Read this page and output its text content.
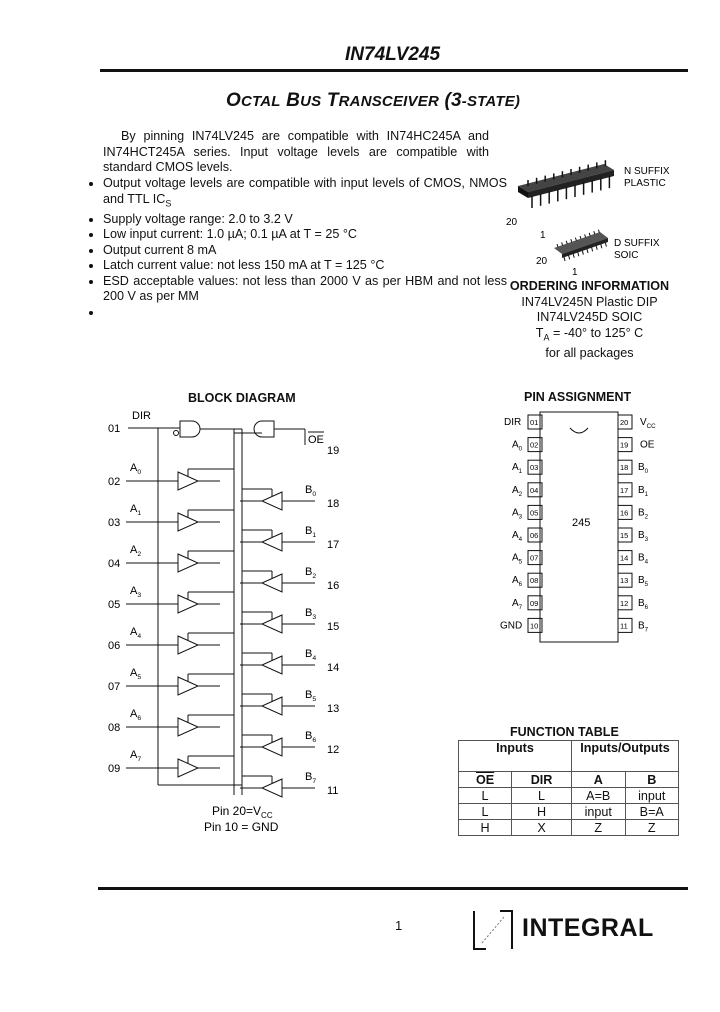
IN74LV245
OCTAL BUS TRANSCEIVER (3-STATE)
By pinning IN74LV245 are compatible with IN74HC245A and IN74HCT245A series. Input voltage levels are compatible with standard CMOS levels.
• Output voltage levels are compatible with input levels of CMOS, NMOS and TTL $IC_S$
• Supply voltage range: 2.0 to 3.2 V
• Low input current: 1.0 µA; 0.1 µA at T = 25 °C
• Output current 8 mA
• Latch current value: not less 150 mA at T = 125 °C
• ESD acceptable values: not less than 2000 V as per HBM and not less 200 V as per MM
•
N SUFFIX
PLASTIC
20
1
D SUFFIX
SOIC
20
1
ORDERING INFORMATION
IN74LV245N Plastic DIP
IN74LV245D SOIC
$T_A = -40^\circ$ to 125° C
for all packages
BLOCK DIAGRAM
DIR
01
OE
19
$A_0$
02
$B_0$
18
$A_1$
03
$B_1$
17
$A_2$
04
$B_2$
16
$A_3$
05
$B_3$
15
$A_4$
06
$B_4$
14
$A_5$
07
$B_5$
13
$A_6$
08
$B_6$
12
$A_7$
09
$B_7$
11
Pin $20=V_{CC}$
Pin 10 = GND
PIN ASSIGNMENT
245
01
DIR	20 $V_{CC}$
02
$A_0$	19 OE
03
$A_1$	18 $B_0$
04
$A_2$	17 $B_1$
05
$A_3$	16 $B_2$
06
$A_4$	15 $B_3$
07
$A_5$	14 $B_4$
08
$A_6$	13 $B_5$
09
$A_7$	12 $B_6$
10
GND	11 $B_7$
FUNCTION TABLE
Inputs		Inputs/Outputs	
$\overline{OE}$	DIR	A	B
L	L	A=B	input
L	H	input	B=A
H	X	Z	Z
1	INTEGRAL
